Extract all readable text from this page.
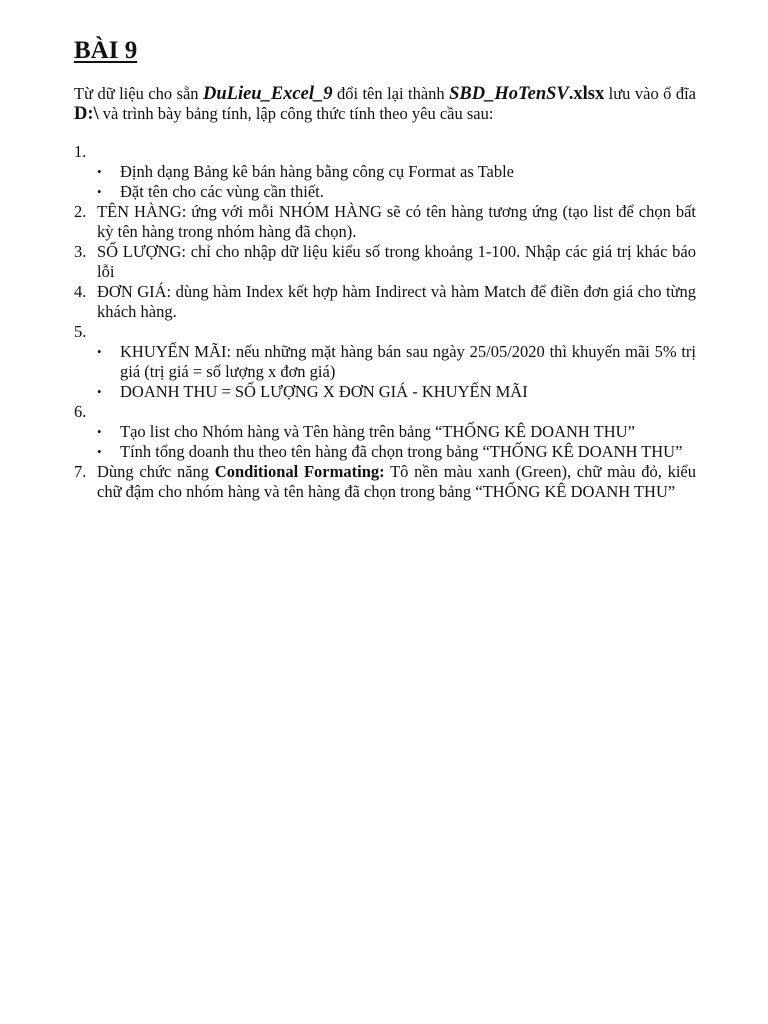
BÀI 9

Từ dữ liệu cho sẵn DuLieu_Excel_9 đổi tên lại thành SBD_HoTenSV.xlsx lưu vào ổ đĩa D:\ và trình bày bảng tính, lập công thức tính theo yêu cầu sau:

1.

•	Định dạng Bảng kê bán hàng bằng công cụ Format as Table
•	Đặt tên cho các vùng cần thiết.
2. TÊN HÀNG: ứng với mỗi NHÓM HÀNG sẽ có tên hàng tương ứng (tạo list để chọn bất kỳ tên hàng trong nhóm hàng đã chọn).
3. SỐ LƯỢNG: chỉ cho nhập dữ liệu kiểu số trong khoảng 1-100. Nhập các giá trị khác báo lỗi
4. ĐƠN GIÁ: dùng hàm Index kết hợp hàm Indirect và hàm Match để điền đơn giá cho từng khách hàng.
5.

•	KHUYẾN MÃI: nếu những mặt hàng bán sau ngày 25/05/2020 thì khuyến mãi 5% trị giá (trị giá = số lượng x đơn giá)
•	DOANH THU = SỐ LƯỢNG X ĐƠN GIÁ - KHUYẾN MÃI
6.

•	Tạo list cho Nhóm hàng và Tên hàng trên bảng “THỐNG KÊ DOANH THU”
•	Tính tổng doanh thu theo tên hàng đã chọn trong bảng “THỐNG KÊ DOANH THU”
7. Dùng chức năng Conditional Formating: Tô nền màu xanh (Green), chữ màu đỏ, kiểu chữ đậm cho nhóm hàng và tên hàng đã chọn trong bảng “THỐNG KÊ DOANH THU”
